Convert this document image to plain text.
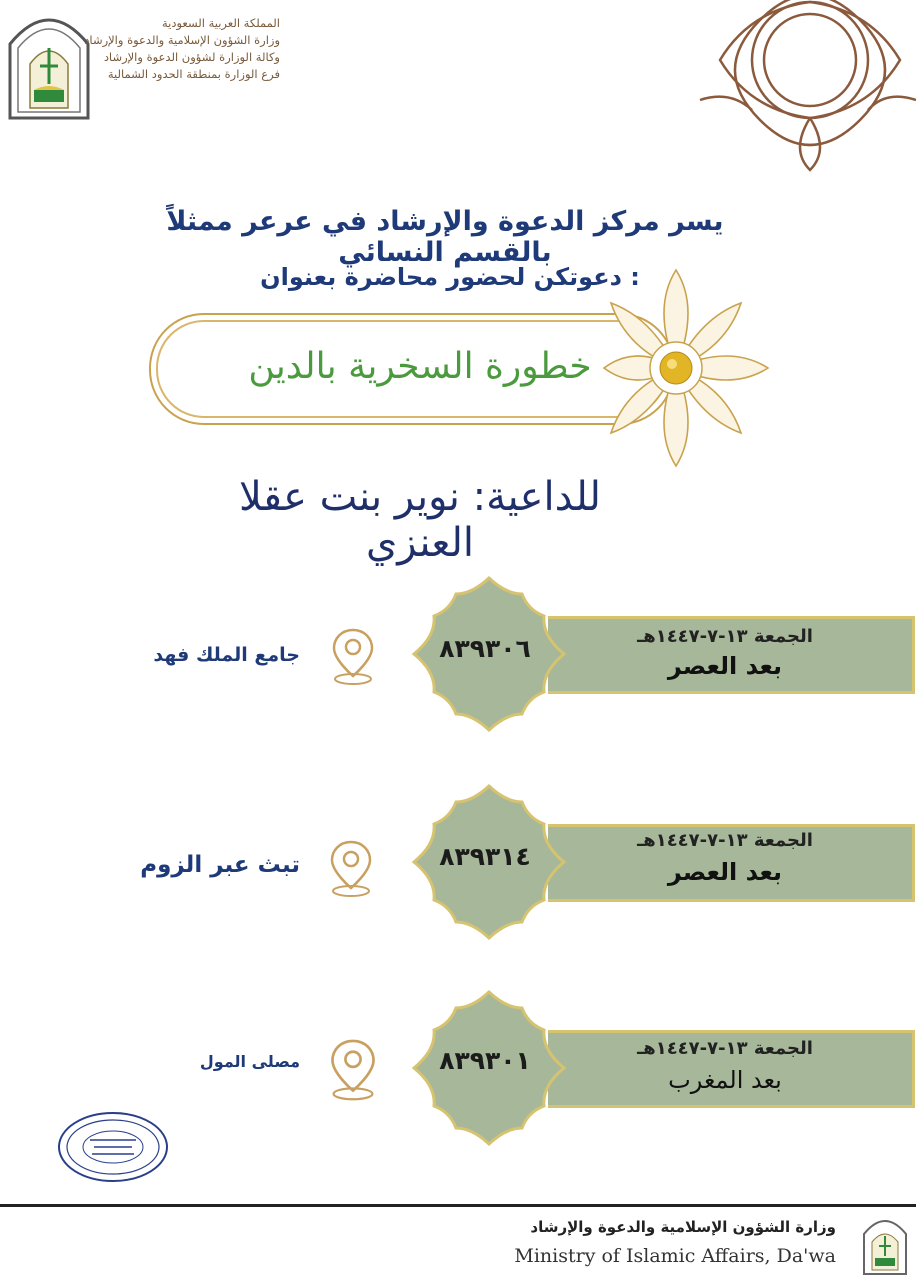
المملكة العربية السعودية
وزارة الشؤون الإسلامية والدعوة والإرشاد
وكالة الوزارة لشؤون الدعوة والإرشاد
فرع الوزارة بمنطقة الحدود الشمالية
يسر مركز الدعوة والإرشاد في عرعر ممثلاً بالقسم النسائي
دعوتكن لحضور محاضرة بعنوان :
خطورة السخرية بالدين
للداعية: نوير بنت عقلا العنزي
الجمعة ١٣-٧-١٤٤٧هـ
بعد العصر
٨٣٩٣٠٦
جامع الملك فهد
الجمعة ١٣-٧-١٤٤٧هـ
بعد العصر
٨٣٩٣١٤
تبث عبر الزوم
الجمعة ١٣-٧-١٤٤٧هـ
بعد المغرب
٨٣٩٣٠١
مصلى المول
وزارة الشؤون الإسلامية والدعوة والإرشاد
Ministry of Islamic Affairs, Da'wa
